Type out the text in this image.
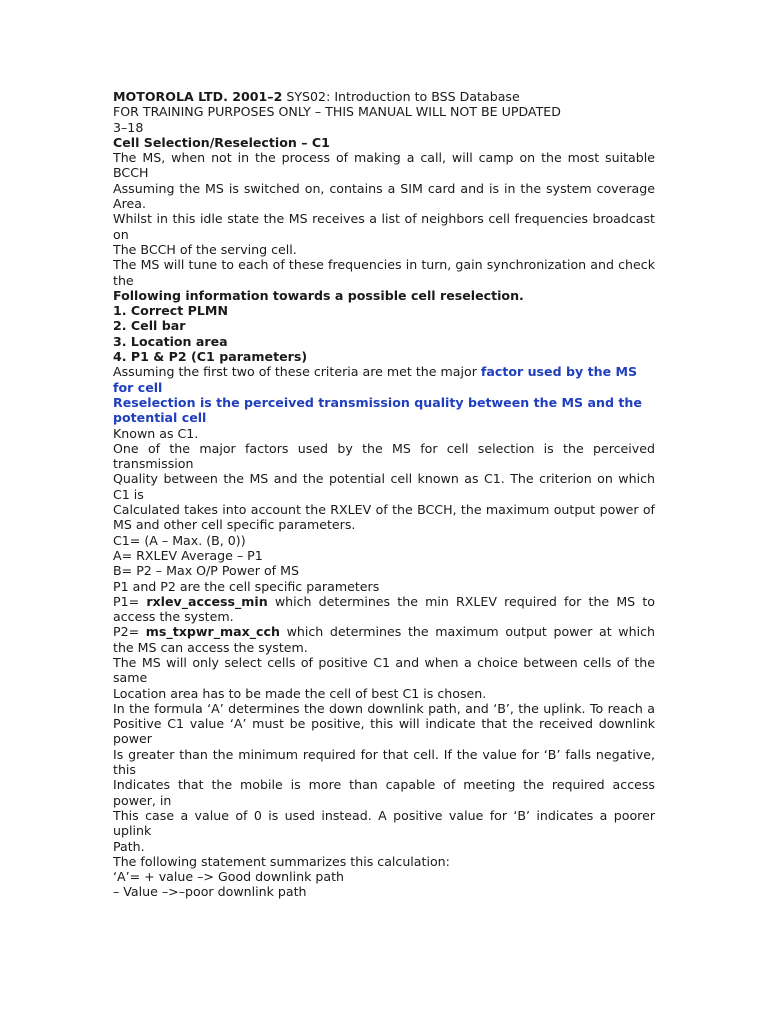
MOTOROLA LTD. 2001–2 SYS02: Introduction to BSS Database
FOR TRAINING PURPOSES ONLY – THIS MANUAL WILL NOT BE UPDATED
3–18
Cell Selection/Reselection – C1
The MS, when not in the process of making a call, will camp on the most suitable
BCCH
Assuming the MS is switched on, contains a SIM card and is in the system coverage
Area.
Whilst in this idle state the MS receives a list of neighbors cell frequencies broadcast
on
The BCCH of the serving cell.
The MS will tune to each of these frequencies in turn, gain synchronization and check
the
Following information towards a possible cell reselection.
1. Correct PLMN
2. Cell bar
3. Location area
4. P1 & P2 (C1 parameters)
Assuming the first two of these criteria are met the major factor used by the MS
for cell
Reselection is the perceived transmission quality between the MS and the
potential cell
Known as C1.
One of the major factors used by the MS for cell selection is the perceived
transmission
Quality between the MS and the potential cell known as C1. The criterion on which
C1 is
Calculated takes into account the RXLEV of the BCCH, the maximum output power of
MS and other cell specific parameters.
C1= (A – Max. (B, 0))
A= RXLEV Average – P1
B= P2 – Max O/P Power of MS
P1 and P2 are the cell specific parameters
P1= rxlev_access_min which determines the min RXLEV required for the MS to
access the system.
P2= ms_txpwr_max_cch which determines the maximum output power at which
the MS can access the system.
The MS will only select cells of positive C1 and when a choice between cells of the
same
Location area has to be made the cell of best C1 is chosen.
In the formula ‘A’ determines the down downlink path, and ‘B’, the uplink. To reach a
Positive C1 value ‘A’ must be positive, this will indicate that the received downlink
power
Is greater than the minimum required for that cell. If the value for ‘B’ falls negative,
this
Indicates that the mobile is more than capable of meeting the required access
power, in
This case a value of 0 is used instead. A positive value for ‘B’ indicates a poorer
uplink
Path.
The following statement summarizes this calculation:
‘A’= + value –> Good downlink path
– Value –>–poor downlink path
